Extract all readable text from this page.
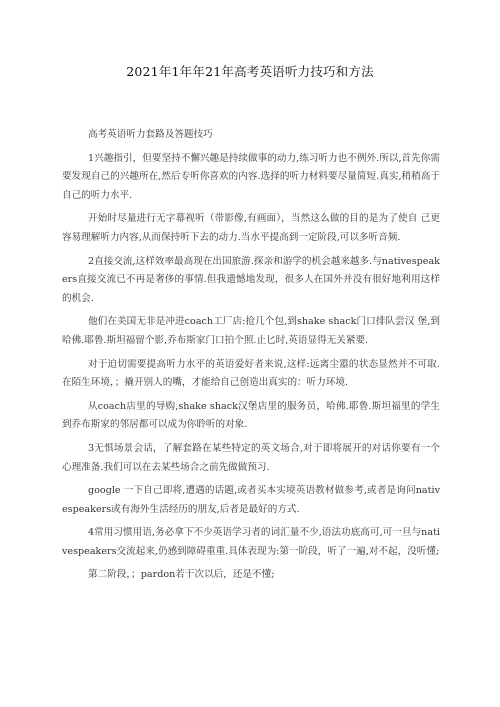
2021年1年年21年高考英语听力技巧和方法

高考英语听力套路及答题技巧

1兴趣指引，但要坚持不懈兴趣是持续做事的动力,练习听力也不例外.所以,首先你需要发现自己的兴趣所在,然后专听你喜欢的内容.选择的听力材料要尽量简短.真实,稍稍高于自己的听力水平.

开始时尽量进行无字幕视听（带影像,有画面），当然这么做的目的是为了使自 己更容易理解听力内容,从而保持听下去的动力.当水平提高到一定阶段,可以多听音频.

2直接交流,这样效率最高现在出国旅游.探亲和游学的机会越来越多.与nativespeakers直接交流已不再是奢侈的事情.但我遗憾地发现，很多人在国外并没有很好地利用这样的机会.

他们在美国无非是冲进coach工厂店:抢几个包,到shake shack门口排队尝汉 堡,到哈佛.耶鲁.斯坦福留个影,乔布斯家门口拍个照.止匕时,英语显得无关紧要.

对于迫切需要提高听力水平的英语爱好者来说,这样:远离尘嚣的状态显然并不可取.在陌生环境，；撬开别人的嘴，才能给自己创造出真实的：听力环境.

从coach店里的导购,shake shack汉堡店里的服务员，哈佛.耶鲁.斯坦福里的学生到乔布斯家的邻居都可以成为你聆听的对象.

3无惧场景会话，了解套路在某些特定的英文场合,对于即将展开的对话你要有一个心理准备.我们可以在去某些场合之前先做做预习.

google 一下自己即将,遭遇的话题,或者买本实境英语教材做参考,或者是询问nativespeakers或有海外生活经历的朋友,后者是最好的方式.

4常用习惯用语,务必拿下不少英语学习者的词汇量不少,语法功底高可,可一旦与nativespeakers交流起来,仍感到障碍重重.具体表现为:第一阶段，听了一遍,对不起，没听懂;

第二阶段，；pardon若干次以后，还是不懂;
